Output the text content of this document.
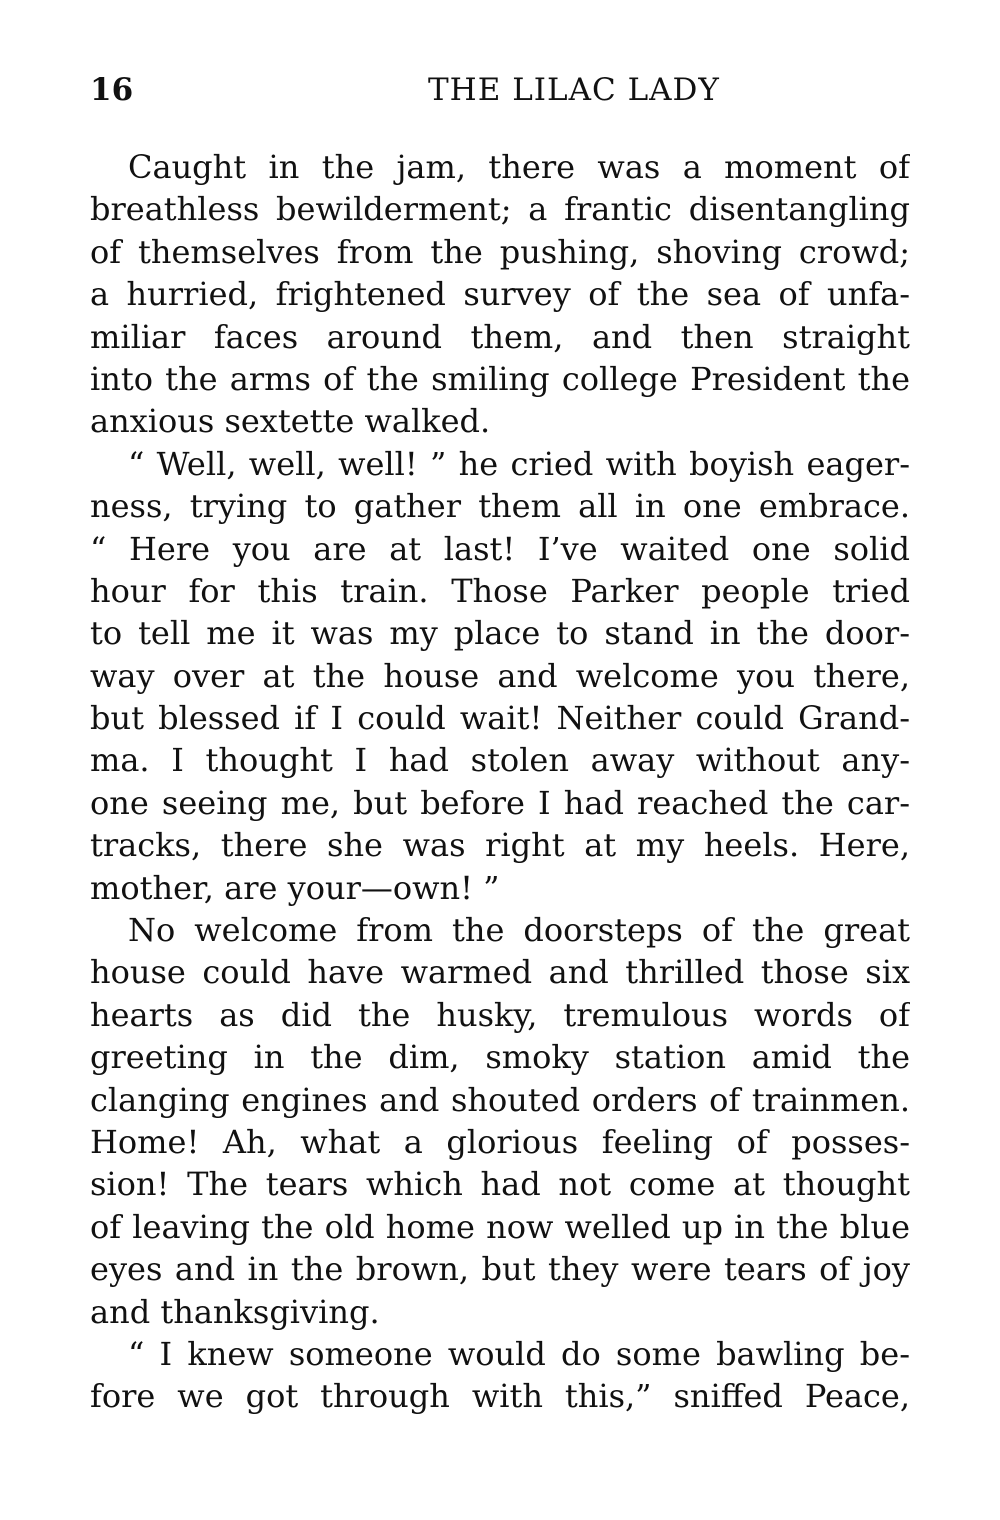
16	THE LILAC LADY
Caught in the jam, there was a moment of
breathless bewilderment; a frantic disentangling
of themselves from the pushing, shoving crowd;
a hurried, frightened survey of the sea of unfa-
miliar faces around them, and then straight
into the arms of the smiling college President the
anxious sextette walked.
“ Well, well, well! ” he cried with boyish eager-
ness, trying to gather them all in one embrace.
“ Here you are at last! I’ve waited one solid
hour for this train. Those Parker people tried
to tell me it was my place to stand in the door-
way over at the house and welcome you there,
but blessed if I could wait! Neither could Grand-
ma. I thought I had stolen away without any-
one seeing me, but before I had reached the car-
tracks, there she was right at my heels. Here,
mother, are your—own! ”
No welcome from the doorsteps of the great
house could have warmed and thrilled those six
hearts as did the husky, tremulous words of
greeting in the dim, smoky station amid the
clanging engines and shouted orders of trainmen.
Home! Ah, what a glorious feeling of posses-
sion! The tears which had not come at thought
of leaving the old home now welled up in the blue
eyes and in the brown, but they were tears of joy
and thanksgiving.
“ I knew someone would do some bawling be-
fore we got through with this,” sniffed Peace,
